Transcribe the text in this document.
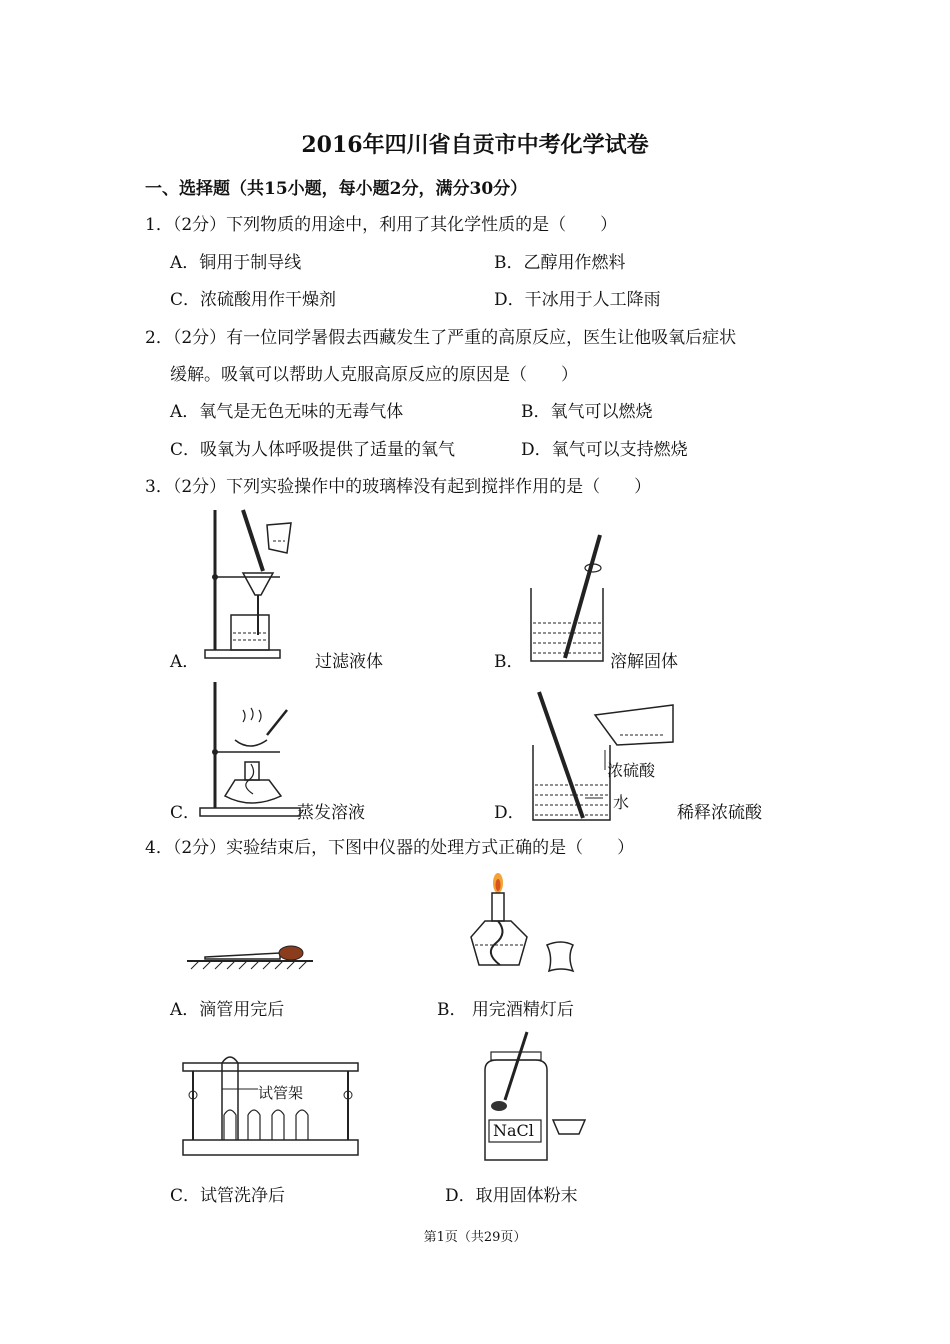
2016年四川省自贡市中考化学试卷
一、选择题（共15小题，每小题2分，满分30分）
1．（2分）下列物质的用途中，利用了其化学性质的是（　　）
A．铜用于制导线	B．乙醇用作燃料
C．浓硫酸用作干燥剂	D．干冰用于人工降雨
2．（2分）有一位同学暑假去西藏发生了严重的高原反应，医生让他吸氧后症状
缓解。吸氧可以帮助人克服高原反应的原因是（　　）
A．氧气是无色无味的无毒气体	B．氧气可以燃烧
C．吸氧为人体呼吸提供了适量的氧气	D．氧气可以支持燃烧
3．（2分）下列实验操作中的玻璃棒没有起到搅拌作用的是（　　）
A．	过滤液体	B．	溶解固体
C．	蒸发溶液
浓硫酸
水
D．	稀释浓硫酸
4．（2分）实验结束后，下图中仪器的处理方式正确的是（　　）
A．滴管用完后	B． 用完酒精灯后
试管架
C．试管洗净后
NaCl
D．取用固体粉末
第1页（共29页）
